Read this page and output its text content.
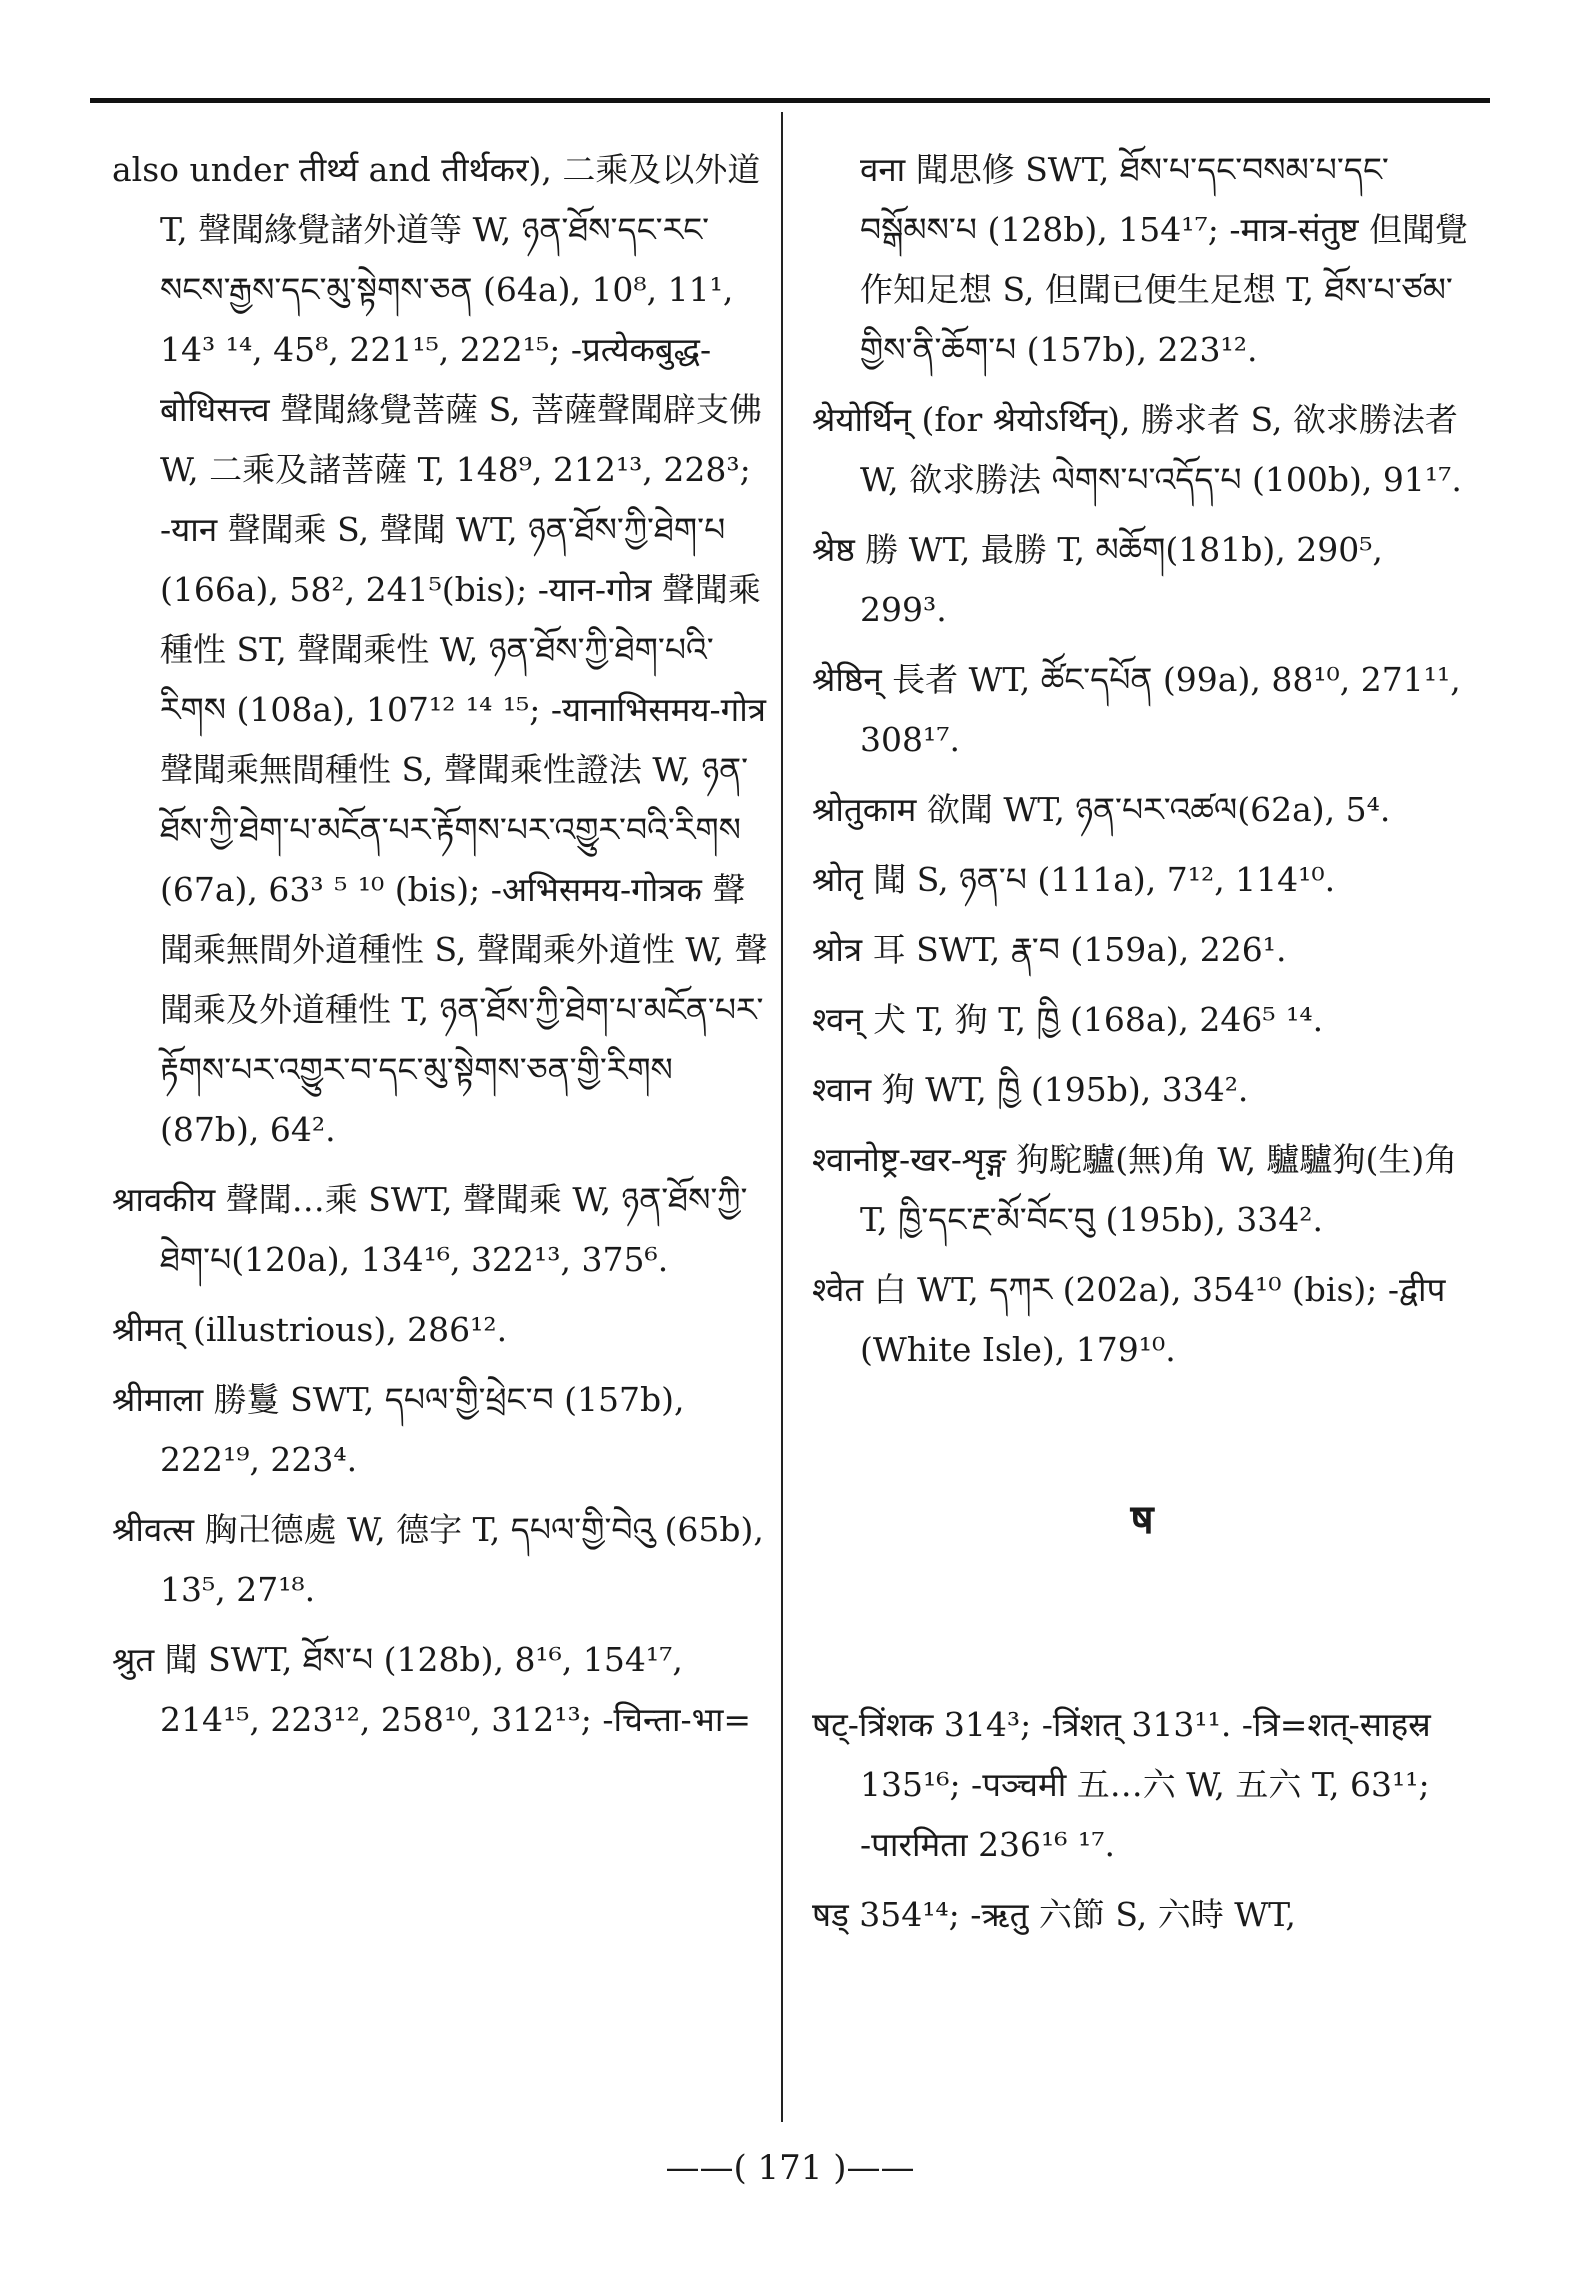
also under तीर्थ्य and तीर्थकर), 二乘及以外道 T, 聲聞緣覺諸外道等 W, ཉན་ཐོས་དང་རང་སངས་རྒྱས་དང་མུ་སྟེགས་ཅན (64a), 10⁸, 11¹, 14³ ¹⁴, 45⁸, 221¹⁵, 222¹⁵; -प्रत्येकबुद्ध-बोधिसत्त्व 聲聞緣覺菩薩 S, 菩薩聲聞辟支佛 W, 二乘及諸菩薩 T, 148⁹, 212¹³, 228³; -यान 聲聞乘 S, 聲聞 WT, ཉན་ཐོས་ཀྱི་ཐེག་པ (166a), 58², 241⁵(bis); -यान-गोत्र 聲聞乘種性 ST, 聲聞乘性 W, ཉན་ཐོས་ཀྱི་ཐེག་པའི་རིགས (108a), 107¹² ¹⁴ ¹⁵; -यानाभिसमय-गोत्र 聲聞乘無間種性 S, 聲聞乘性證法 W, ཉན་ཐོས་ཀྱི་ཐེག་པ་མངོན་པར་རྟོགས་པར་འགྱུར་བའི་རིགས (67a), 63³ ⁵ ¹⁰ (bis); -अभिसमय-गोत्रक 聲聞乘無間外道種性 S, 聲聞乘外道性 W, 聲聞乘及外道種性 T, ཉན་ཐོས་ཀྱི་ཐེག་པ་མངོན་པར་རྟོགས་པར་འགྱུར་བ་དང་མུ་སྟེགས་ཅན་གྱི་རིགས (87b), 64².
श्रावकीय 聲聞…乘 SWT, 聲聞乘 W, ཉན་ཐོས་ཀྱི་ཐེག་པ(120a), 134¹⁶, 322¹³, 375⁶.
श्रीमत् (illustrious), 286¹².
श्रीमाला 勝鬘 SWT, དཔལ་གྱི་ཕྲེང་བ (157b), 222¹⁹, 223⁴.
श्रीवत्स 胸卍德處 W, 德字 T, དཔལ་གྱི་བེའུ (65b), 13⁵, 27¹⁸.
श्रुत 聞 SWT, ཐོས་པ (128b), 8¹⁶, 154¹⁷, 214¹⁵, 223¹², 258¹⁰, 312¹³; -चिन्ता-भा=
वना 聞思修 SWT, ཐོས་པ་དང་བསམ་པ་དང་བསྒོམས་པ (128b), 154¹⁷; -मात्र-संतुष्ट 但聞覺作知足想 S, 但聞已便生足想 T, ཐོས་པ་ཙམ་གྱིས་ནི་ཆོག་པ (157b), 223¹².
श्रेयोर्थिन् (for श्रेयोऽर्थिन्), 勝求者 S, 欲求勝法者 W, 欲求勝法 ལེགས་པ་འདོད་པ (100b), 91¹⁷.
श्रेष्ठ 勝 WT, 最勝 T, མཆོག(181b), 290⁵, 299³.
श्रेष्ठिन् 長者 WT, ཚོང་དཔོན (99a), 88¹⁰, 271¹¹, 308¹⁷.
श्रोतुकाम 欲聞 WT, ཉན་པར་འཚལ(62a), 5⁴.
श्रोतृ 聞 S, ཉན་པ (111a), 7¹², 114¹⁰.
श्रोत्र 耳 SWT, རྣ་བ (159a), 226¹.
श्वन् 犬 T, 狗 T, ཁྱི (168a), 246⁵ ¹⁴.
श्वान 狗 WT, ཁྱི (195b), 334².
श्वानोष्ट्र-खर-शृङ्ग 狗駝驢(無)角 W, 驢驢狗(生)角 T, ཁྱི་དང་རྔ་མོ་བོང་བུ (195b), 334².
श्वेत 白 WT, དཀར (202a), 354¹⁰ (bis); -द्वीप (White Isle), 179¹⁰.
ष
षट्-त्रिंशक 314³; -त्रिंशत् 313¹¹. -त्रि=शत्-साहस्र 135¹⁶; -पञ्चमी 五…六 W, 五六 T, 63¹¹; -पारमिता 236¹⁶ ¹⁷.
षड् 354¹⁴; -ऋतु 六節 S, 六時 WT,
——( 171 )——
